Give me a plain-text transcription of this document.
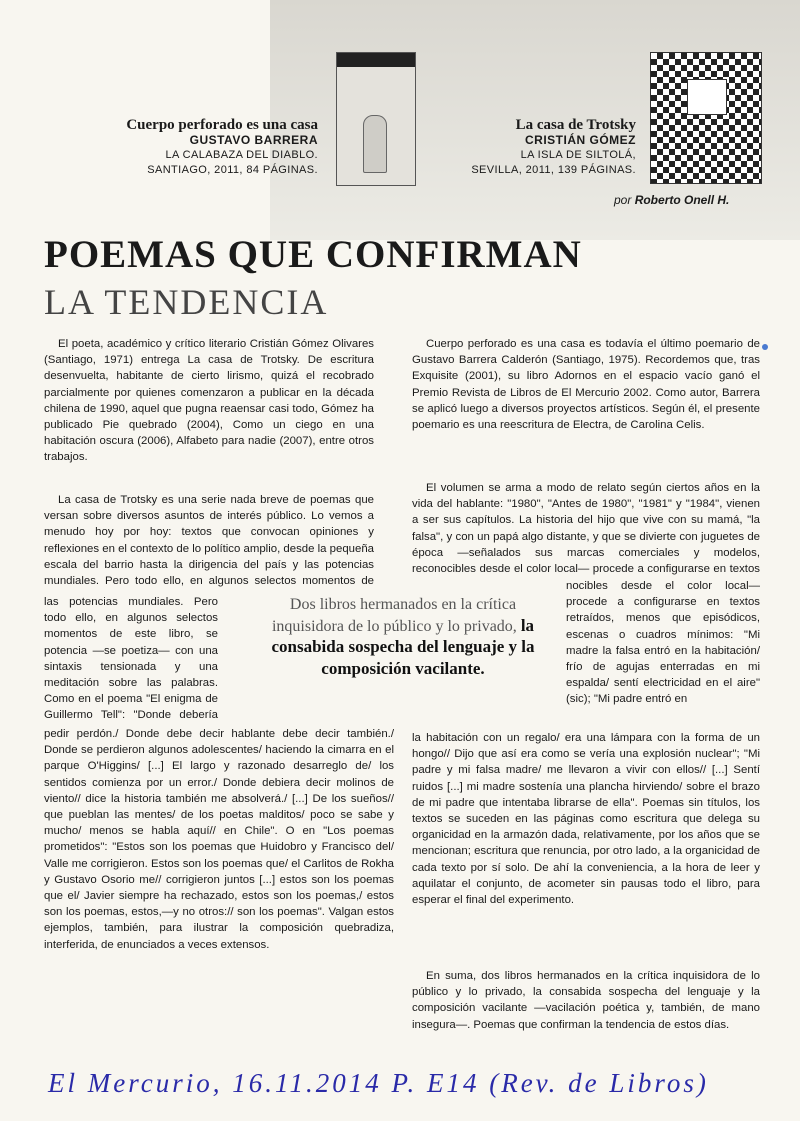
Cuerpo perforado es una casa
GUSTAVO BARRERA
LA CALABAZA DEL DIABLO.
SANTIAGO, 2011, 84 PÁGINAS.
La casa de Trotsky
CRISTIÁN GÓMEZ
LA ISLA DE SILTOLÁ,
SEVILLA, 2011, 139 PÁGINAS.
por Roberto Onell H.
POEMAS QUE CONFIRMAN
LA TENDENCIA

El poeta, académico y crítico literario Cristián Gómez Olivares (Santiago, 1971) entrega La casa de Trotsky. De escritura desenvuelta, habitante de cierto lirismo, quizá el recobrado parcialmente por quienes comenzaron a publicar en la década chilena de 1990, aquel que pugna reaensar casi todo, Gómez ha publicado Pie quebrado (2004), Como un ciego en una habitación oscura (2006), Alfabeto para nadie (2007), entre otros trabajos.

La casa de Trotsky es una serie nada breve de poemas que versan sobre diversos asuntos de interés público. Lo vemos a menudo hoy por hoy: textos que convocan opiniones y reflexiones en el contexto de lo político amplio, desde la pequeña escala del barrio hasta la dirigencia del país y las potencias mundiales. Pero todo ello, en algunos selectos momentos de

las potencias mundiales. Pero todo ello, en algunos selectos momentos de este libro, se potencia —se poetiza— con una sintaxis tensionada y una meditación sobre las palabras. Como en el poema "El enigma de Guillermo Tell": "Donde debería

pedir perdón./ Donde debe decir hablante debe decir también./ Donde se perdieron algunos adolescentes/ haciendo la cimarra en el parque O'Higgins/ [...] El largo y razonado desarreglo de/ los sentidos comienza por un error./ Donde debiera decir molinos de viento// dice la historia también me absolverá./ [...] De los sueños// que pueblan las mentes/ de los poetas malditos/ poco se sabe y mucho/ menos se habla aquí// en Chile". O en "Los poemas prometidos": "Estos son los poemas que Huidobro y Francisco del/ Valle me corrigieron. Estos son los poemas que/ el Carlitos de Rokha y Gustavo Osorio me// corrigieron juntos [...] estos son los poemas que el/ Javier siempre ha rechazado, estos son los poemas,/ estos son los poemas, estos,—y no otros:// son los poemas". Valgan estos ejemplos, también, para ilustrar la composición quebradiza, interferida, de enunciados a veces extensos.

Dos libros hermanados en la crítica inquisidora de lo público y lo privado, la consabida sospecha del lenguaje y la composición vacilante.

Cuerpo perforado es una casa es todavía el último poemario de Gustavo Barrera Calderón (Santiago, 1975). Recordemos que, tras Exquisite (2001), su libro Adornos en el espacio vacío ganó el Premio Revista de Libros de El Mercurio 2002. Como autor, Barrera se aplicó luego a diversos proyectos artísticos. Según él, el presente poemario es una reescritura de Electra, de Carolina Celis.

El volumen se arma a modo de relato según ciertos años en la vida del hablante: "1980", "Antes de 1980", "1981" y "1984", vienen a ser sus capítulos. La historia del hijo que vive con su mamá, "la falsa", y con un papá algo distante, y que se divierte con juguetes de época —señalados sus marcas comerciales y modelos, reconocibles desde el color local— procede a configurarse en textos

nocibles desde el color local— procede a configurarse en textos retraídos, menos que episódicos, escenas o cuadros mínimos: "Mi madre la falsa entró en la habitación/ frío de agujas enterradas en mi espalda/ sentí electricidad en el aire" (sic); "Mi padre entró en

la habitación con un regalo/ era una lámpara con la forma de un hongo// Dijo que así era como se vería una explosión nuclear"; "Mi padre y mi falsa madre/ me llevaron a vivir con ellos// [...] Sentí ruidos [...] mi madre sostenía una plancha hirviendo/ sobre el brazo de mi padre que intentaba librarse de ella". Poemas sin títulos, los textos se suceden en las páginas como escritura que delega su organicidad en la armazón dada, relativamente, por los años que se mencionan; escritura que renuncia, por otro lado, a la organicidad de cada texto por sí solo. De ahí la conveniencia, a la hora de leer y aquilatar el conjunto, de acometer sin pausas todo el libro, para esperar el final del experimento.

En suma, dos libros hermanados en la crítica inquisidora de lo público y lo privado, la consabida sospecha del lenguaje y la composición vacilante —vacilación poética y, también, de mano insegura—. Poemas que confirman la tendencia de estos días.

El Mercurio, 16.11.2014 P. E14 (Rev. de Libros)
